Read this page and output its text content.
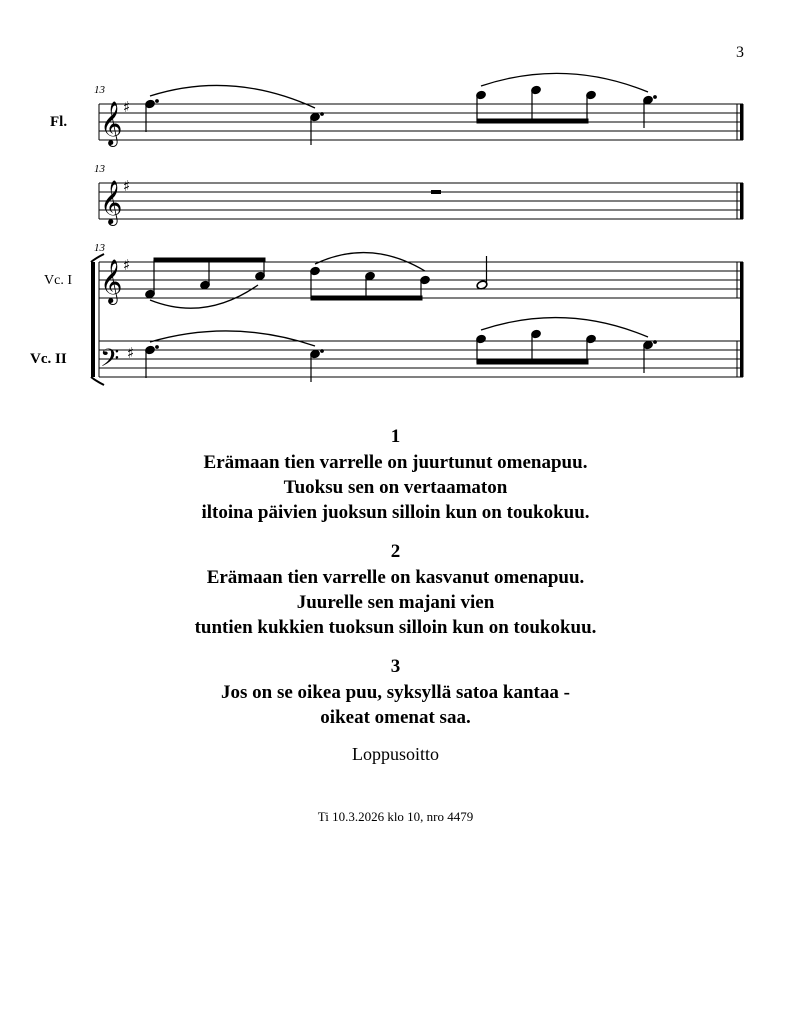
3
13
Fl. 𝄞 ♯
13
𝄞 ♯
13
Vc. I 𝄞 ♯
Vc. II 𝄢 ♯
1
Erämaan tien varrelle on juurtunut omenapuu.
Tuoksu sen on vertaamaton
iltoina päivien juoksun silloin kun on toukokuu.
2
Erämaan tien varrelle on kasvanut omenapuu.
Juurelle sen majani vien
tuntien kukkien tuoksun silloin kun on toukokuu.
3
Jos on se oikea puu, syksyllä satoa kantaa -
oikeat omenat saa.
Loppusoitto
Ti 10.3.2026 klo 10, nro 4479
